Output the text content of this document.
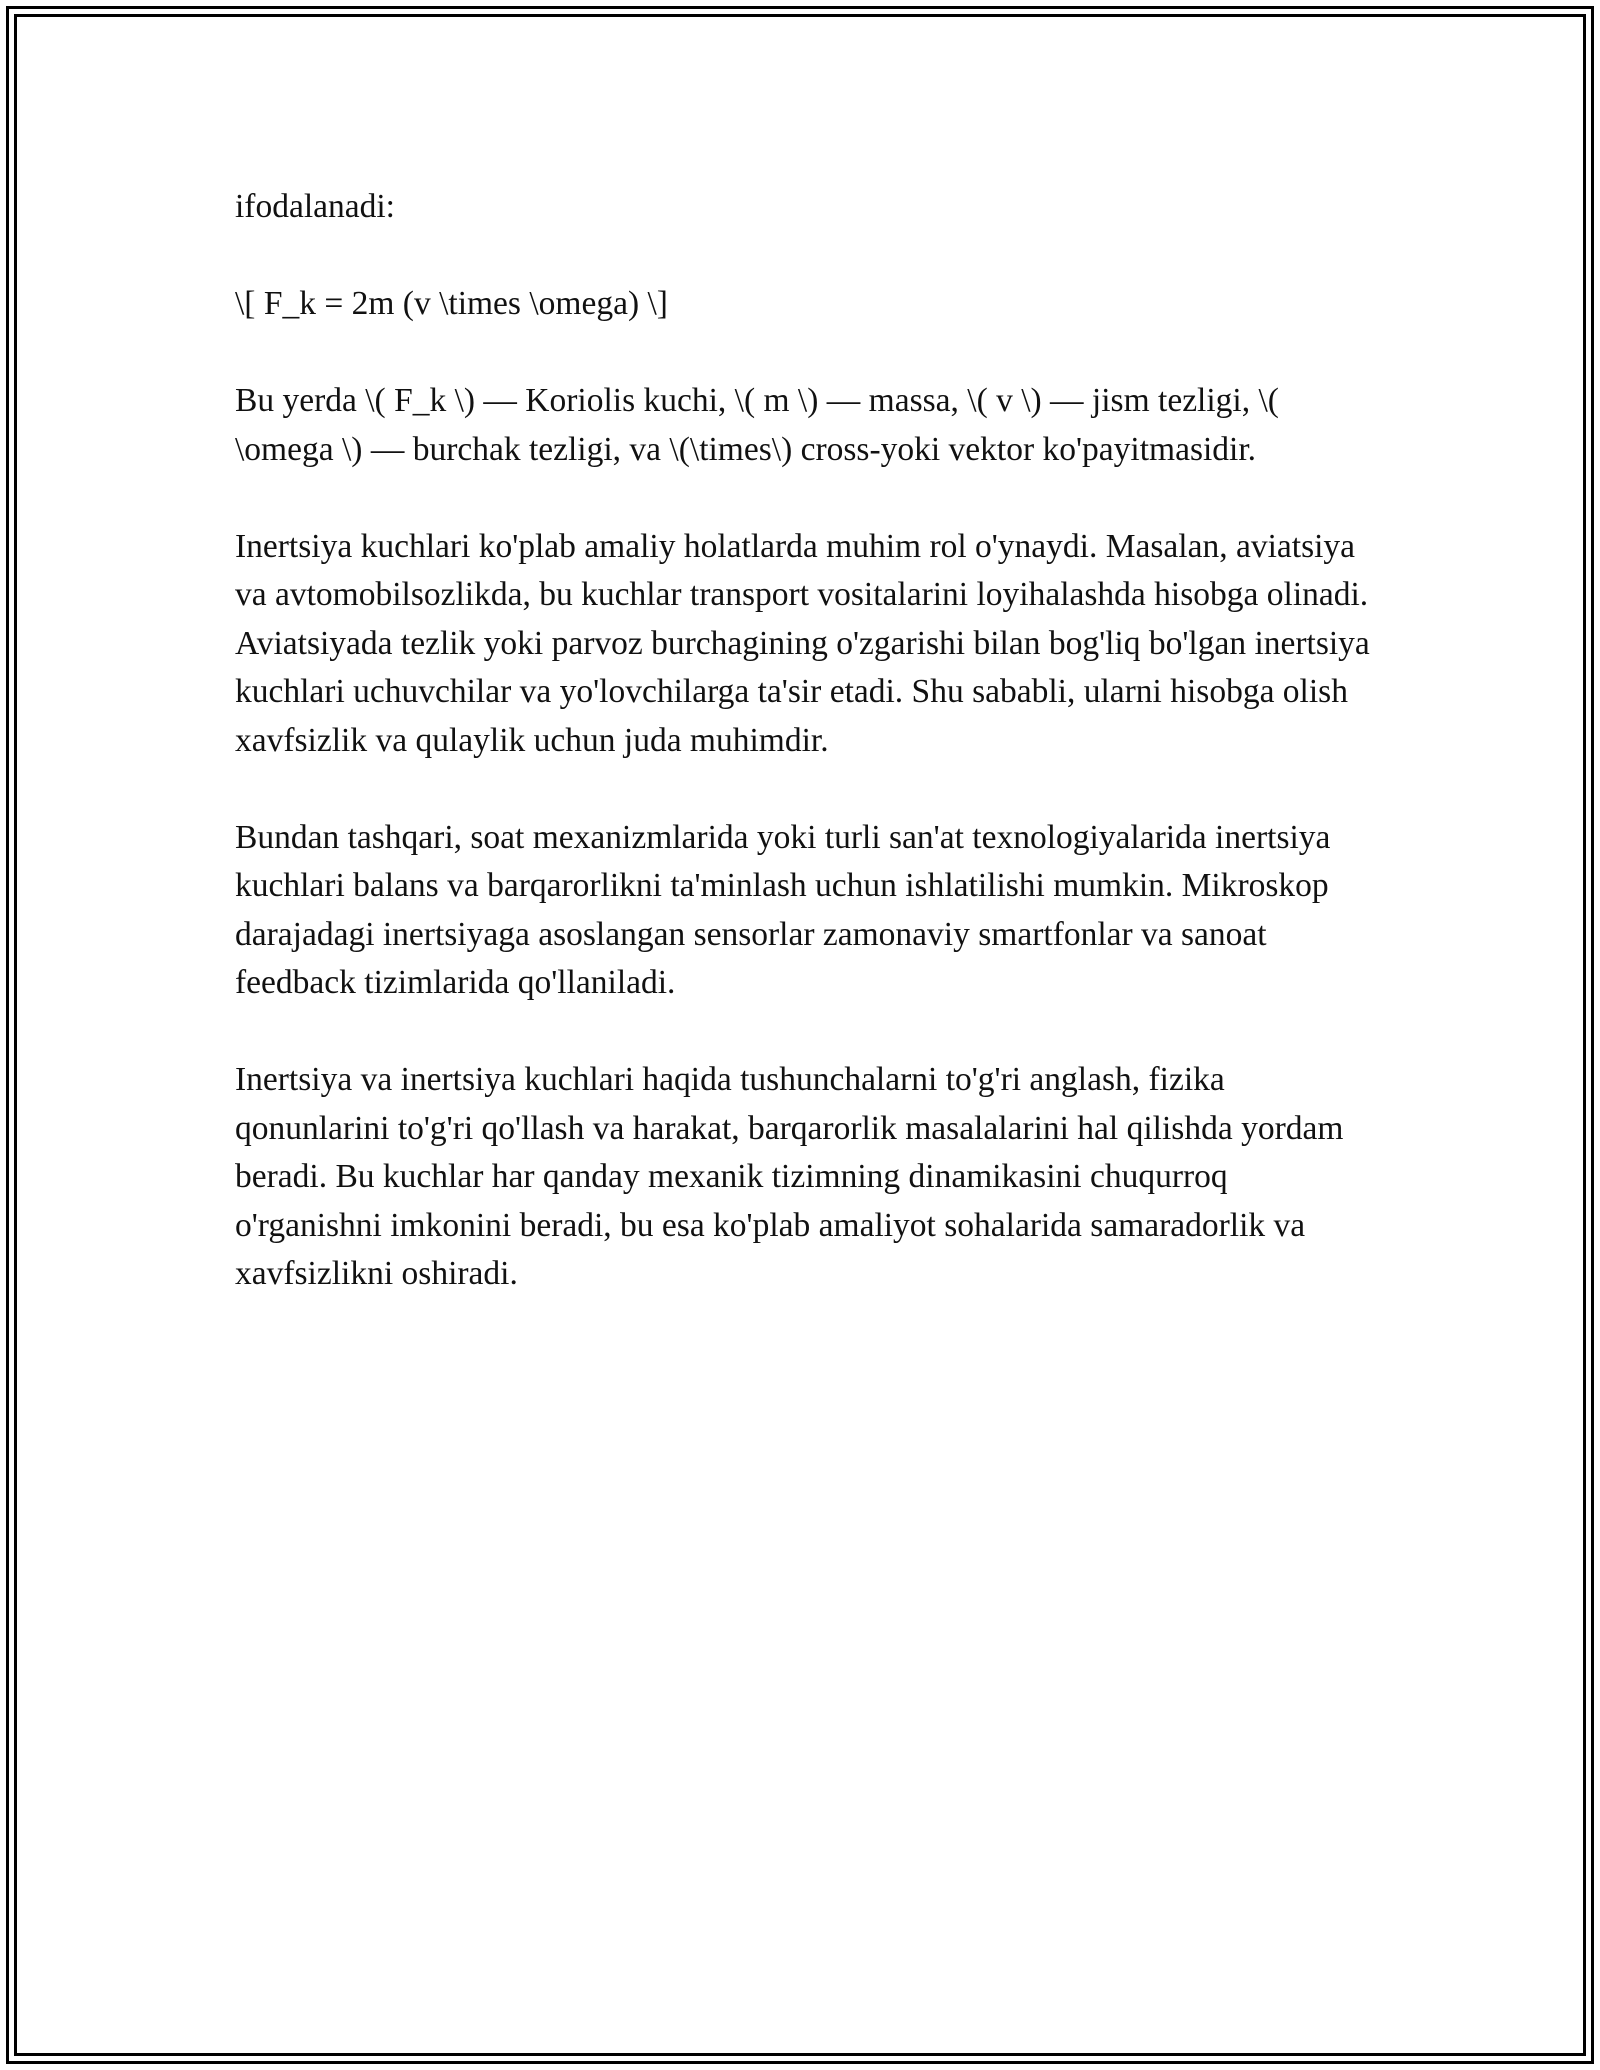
ifodalanadi:

\[ F_k = 2m (v \times \omega) \]

Bu yerda \( F_k \) — Koriolis kuchi, \( m \) — massa, \( v \) — jism tezligi, \( \omega \) — burchak tezligi, va \(\times\) cross-yoki vektor ko'payitmasidir.

Inertsiya kuchlari ko'plab amaliy holatlarda muhim rol o'ynaydi. Masalan, aviatsiya va avtomobilsozlikda, bu kuchlar transport vositalarini loyihalashda hisobga olinadi. Aviatsiyada tezlik yoki parvoz burchagining o'zgarishi bilan bog'liq bo'lgan inertsiya kuchlari uchuvchilar va yo'lovchilarga ta'sir etadi. Shu sababli, ularni hisobga olish xavfsizlik va qulaylik uchun juda muhimdir.

Bundan tashqari, soat mexanizmlarida yoki turli san'at texnologiyalarida inertsiya kuchlari balans va barqarorlikni ta'minlash uchun ishlatilishi mumkin. Mikroskop darajadagi inertsiyaga asoslangan sensorlar zamonaviy smartfonlar va sanoat feedback tizimlarida qo'llaniladi.

Inertsiya va inertsiya kuchlari haqida tushunchalarni to'g'ri anglash, fizika qonunlarini to'g'ri qo'llash va harakat, barqarorlik masalalarini hal qilishda yordam beradi. Bu kuchlar har qanday mexanik tizimning dinamikasini chuqurroq o'rganishni imkonini beradi, bu esa ko'plab amaliyot sohalarida samaradorlik va xavfsizlikni oshiradi.
